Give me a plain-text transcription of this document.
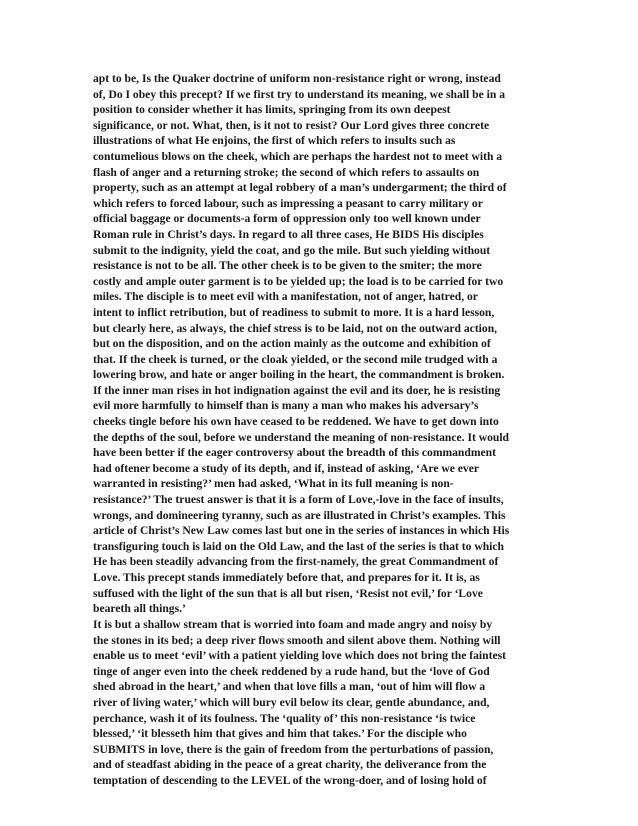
apt to be, Is the Quaker doctrine of uniform non-resistance right or wrong, instead
of, Do I obey this precept? If we first try to understand its meaning, we shall be in a
position to consider whether it has limits, springing from its own deepest
significance, or not. What, then, is it not to resist? Our Lord gives three concrete
illustrations of what He enjoins, the first of which refers to insults such as
contumelious blows on the cheek, which are perhaps the hardest not to meet with a
flash of anger and a returning stroke; the second of which refers to assaults on
property, such as an attempt at legal robbery of a man’s undergarment; the third of
which refers to forced labour, such as impressing a peasant to carry military or
official baggage or documents-a form of oppression only too well known under
Roman rule in Christ’s days. In regard to all three cases, He BIDS His disciples
submit to the indignity, yield the coat, and go the mile. But such yielding without
resistance is not to be all. The other cheek is to be given to the smiter; the more
costly and ample outer garment is to be yielded up; the load is to be carried for two
miles. The disciple is to meet evil with a manifestation, not of anger, hatred, or
intent to inflict retribution, but of readiness to submit to more. It is a hard lesson,
but clearly here, as always, the chief stress is to be laid, not on the outward action,
but on the disposition, and on the action mainly as the outcome and exhibition of
that. If the cheek is turned, or the cloak yielded, or the second mile trudged with a
lowering brow, and hate or anger boiling in the heart, the commandment is broken.
If the inner man rises in hot indignation against the evil and its doer, he is resisting
evil more harmfully to himself than is many a man who makes his adversary’s
cheeks tingle before his own have ceased to be reddened. We have to get down into
the depths of the soul, before we understand the meaning of non-resistance. It would
have been better if the eager controversy about the breadth of this commandment
had oftener become a study of its depth, and if, instead of asking, ‘Are we ever
warranted in resisting?’ men had asked, ‘What in its full meaning is non-
resistance?’ The truest answer is that it is a form of Love,-love in the face of insults,
wrongs, and domineering tyranny, such as are illustrated in Christ’s examples. This
article of Christ’s New Law comes last but one in the series of instances in which His
transfiguring touch is laid on the Old Law, and the last of the series is that to which
He has been steadily advancing from the first-namely, the great Commandment of
Love. This precept stands immediately before that, and prepares for it. It is, as
suffused with the light of the sun that is all but risen, ‘Resist not evil,’ for ‘Love
beareth all things.’
It is but a shallow stream that is worried into foam and made angry and noisy by
the stones in its bed; a deep river flows smooth and silent above them. Nothing will
enable us to meet ‘evil’ with a patient yielding love which does not bring the faintest
tinge of anger even into the cheek reddened by a rude hand, but the ‘love of God
shed abroad in the heart,’ and when that love fills a man, ‘out of him will flow a
river of living water,’ which will bury evil below its clear, gentle abundance, and,
perchance, wash it of its foulness. The ‘quality of’ this non-resistance ‘is twice
blessed,’ ‘it blesseth him that gives and him that takes.’ For the disciple who
SUBMITS in love, there is the gain of freedom from the perturbations of passion,
and of steadfast abiding in the peace of a great charity, the deliverance from the
temptation of descending to the LEVEL of the wrong-doer, and of losing hold of
